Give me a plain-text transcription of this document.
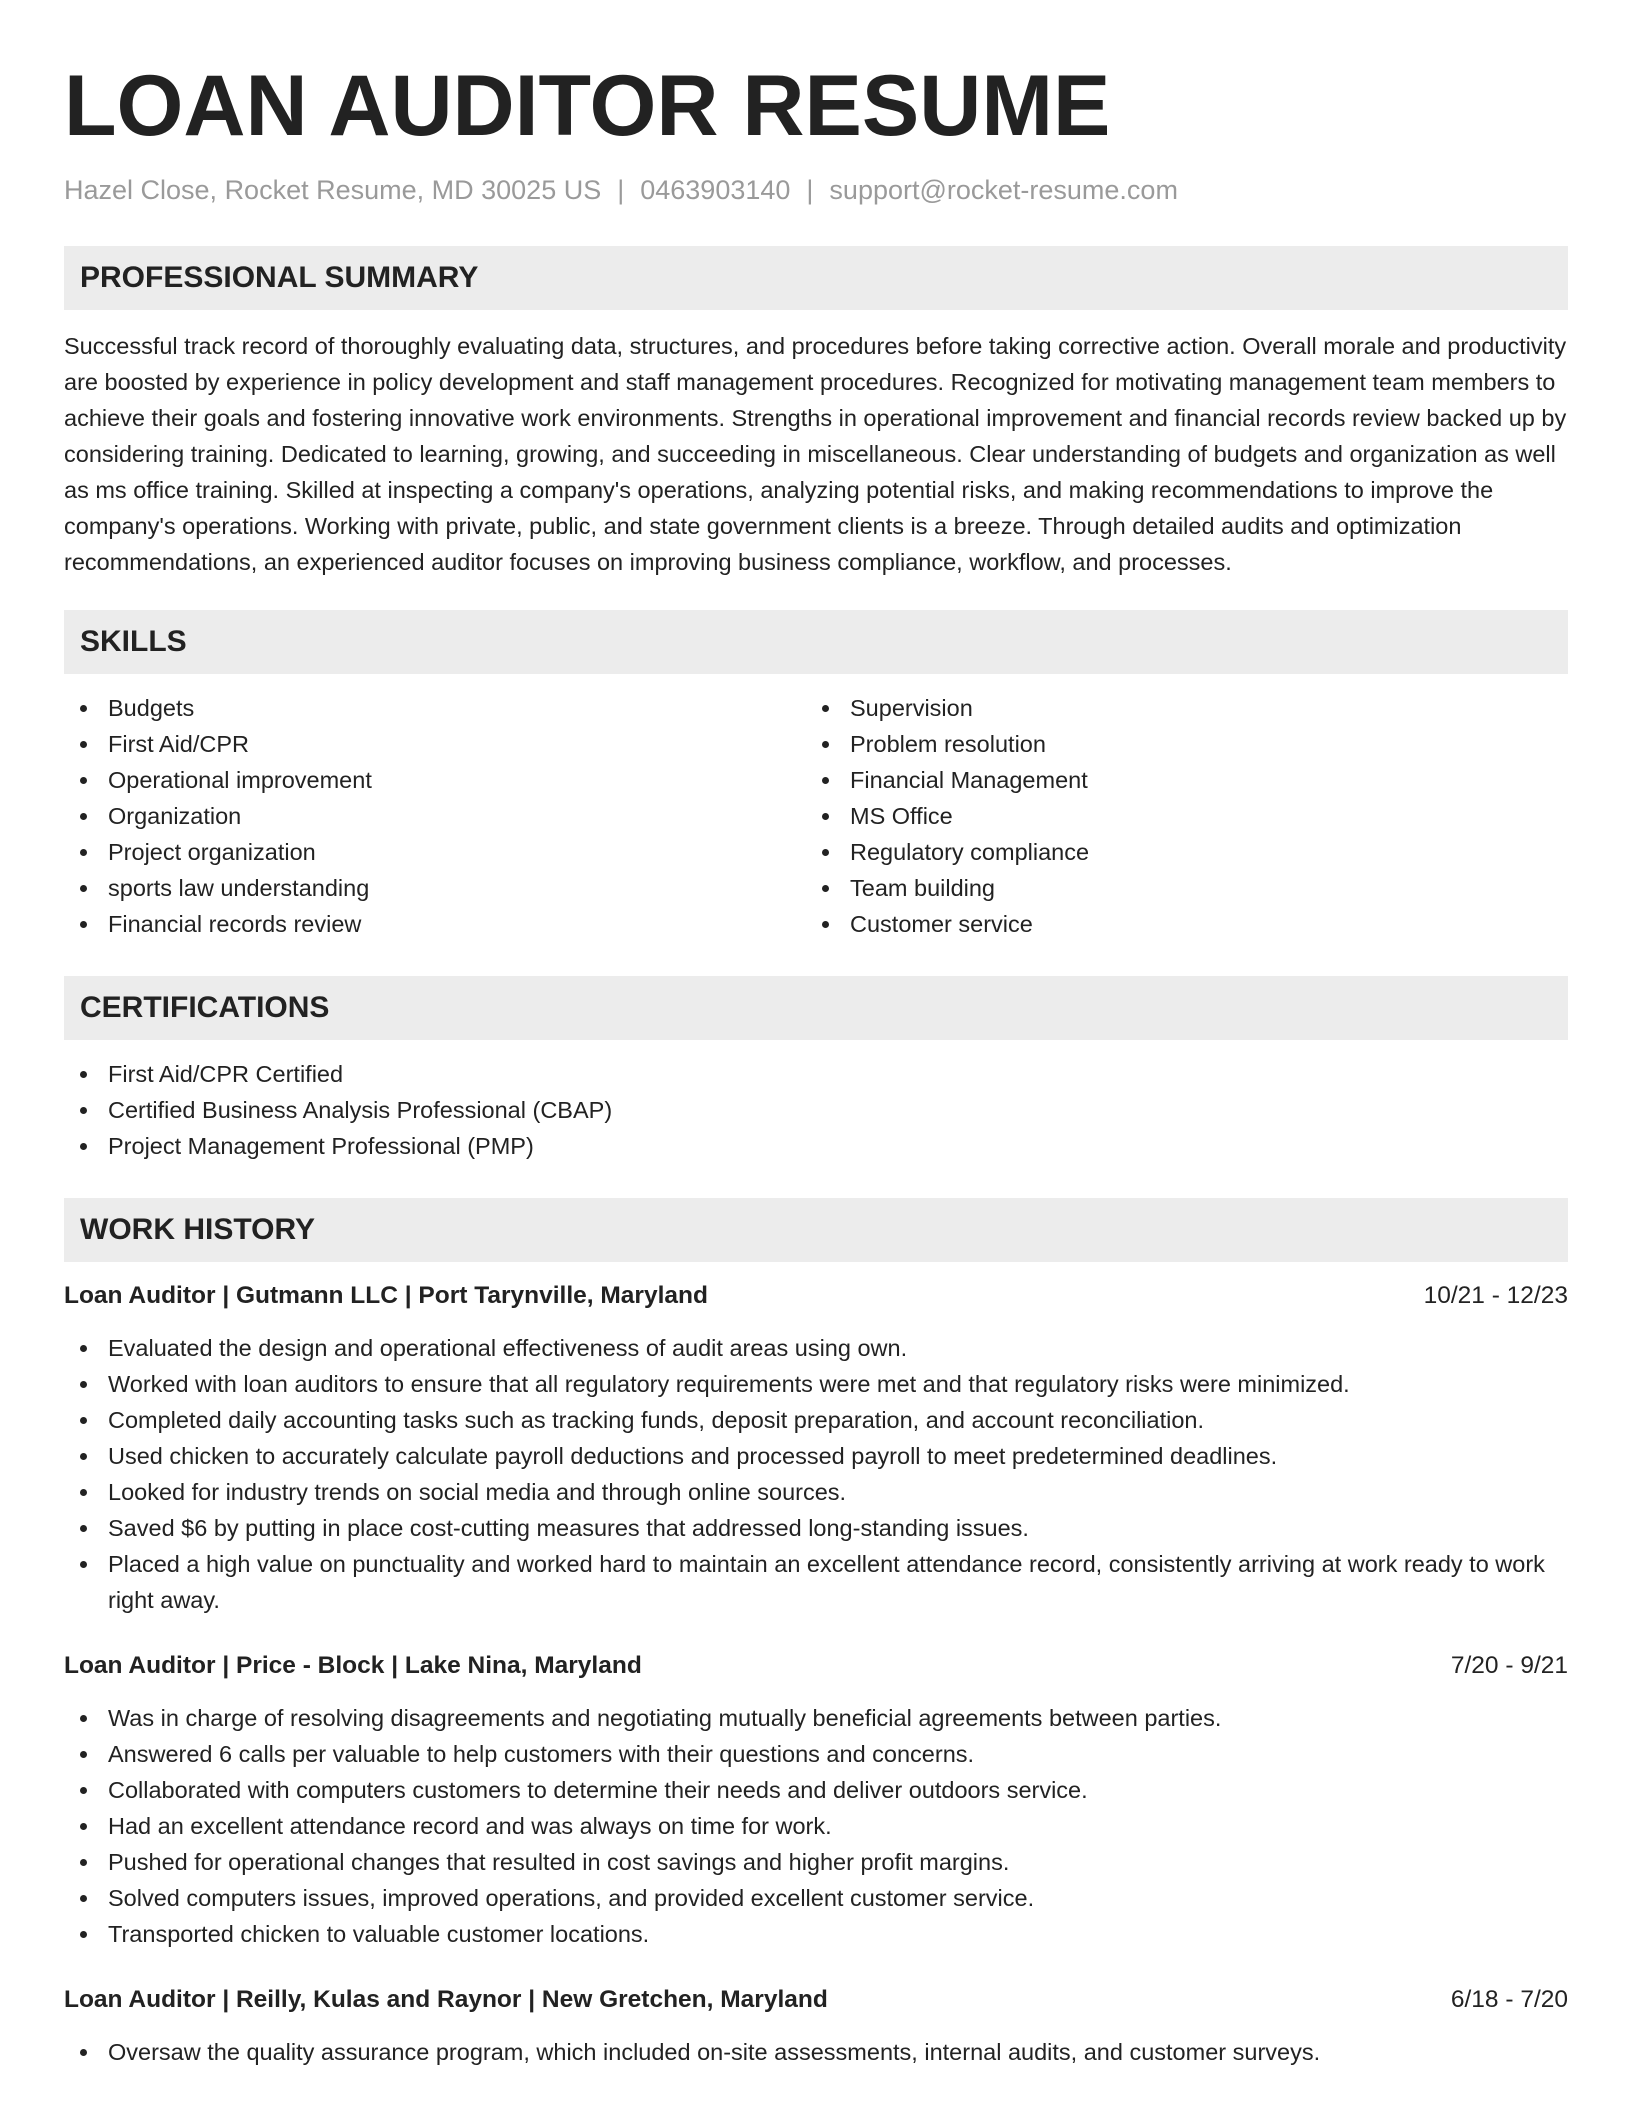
LOAN AUDITOR RESUME
Hazel Close, Rocket Resume, MD 30025 US | 0463903140 | support@rocket-resume.com
PROFESSIONAL SUMMARY

Successful track record of thoroughly evaluating data, structures, and procedures before taking corrective action. Overall morale and productivity are boosted by experience in policy development and staff management procedures. Recognized for motivating management team members to achieve their goals and fostering innovative work environments. Strengths in operational improvement and financial records review backed up by considering training. Dedicated to learning, growing, and succeeding in miscellaneous. Clear understanding of budgets and organization as well as ms office training. Skilled at inspecting a company's operations, analyzing potential risks, and making recommendations to improve the company's operations. Working with private, public, and state government clients is a breeze. Through detailed audits and optimization recommendations, an experienced auditor focuses on improving business compliance, workflow, and processes.

SKILLS
Budgets
First Aid/CPR
Operational improvement
Organization
Project organization
sports law understanding
Financial records review
Supervision
Problem resolution
Financial Management
MS Office
Regulatory compliance
Team building
Customer service
CERTIFICATIONS
First Aid/CPR Certified
Certified Business Analysis Professional (CBAP)
Project Management Professional (PMP)
WORK HISTORY
Loan Auditor | Gutmann LLC | Port Tarynville, Maryland	10/21 - 12/23
Evaluated the design and operational effectiveness of audit areas using own.
Worked with loan auditors to ensure that all regulatory requirements were met and that regulatory risks were minimized.
Completed daily accounting tasks such as tracking funds, deposit preparation, and account reconciliation.
Used chicken to accurately calculate payroll deductions and processed payroll to meet predetermined deadlines.
Looked for industry trends on social media and through online sources.
Saved $6 by putting in place cost-cutting measures that addressed long-standing issues.
Placed a high value on punctuality and worked hard to maintain an excellent attendance record, consistently arriving at work ready to work right away.
Loan Auditor | Price - Block | Lake Nina, Maryland	7/20 - 9/21
Was in charge of resolving disagreements and negotiating mutually beneficial agreements between parties.
Answered 6 calls per valuable to help customers with their questions and concerns.
Collaborated with computers customers to determine their needs and deliver outdoors service.
Had an excellent attendance record and was always on time for work.
Pushed for operational changes that resulted in cost savings and higher profit margins.
Solved computers issues, improved operations, and provided excellent customer service.
Transported chicken to valuable customer locations.
Loan Auditor | Reilly, Kulas and Raynor | New Gretchen, Maryland	6/18 - 7/20
Oversaw the quality assurance program, which included on-site assessments, internal audits, and customer surveys.
